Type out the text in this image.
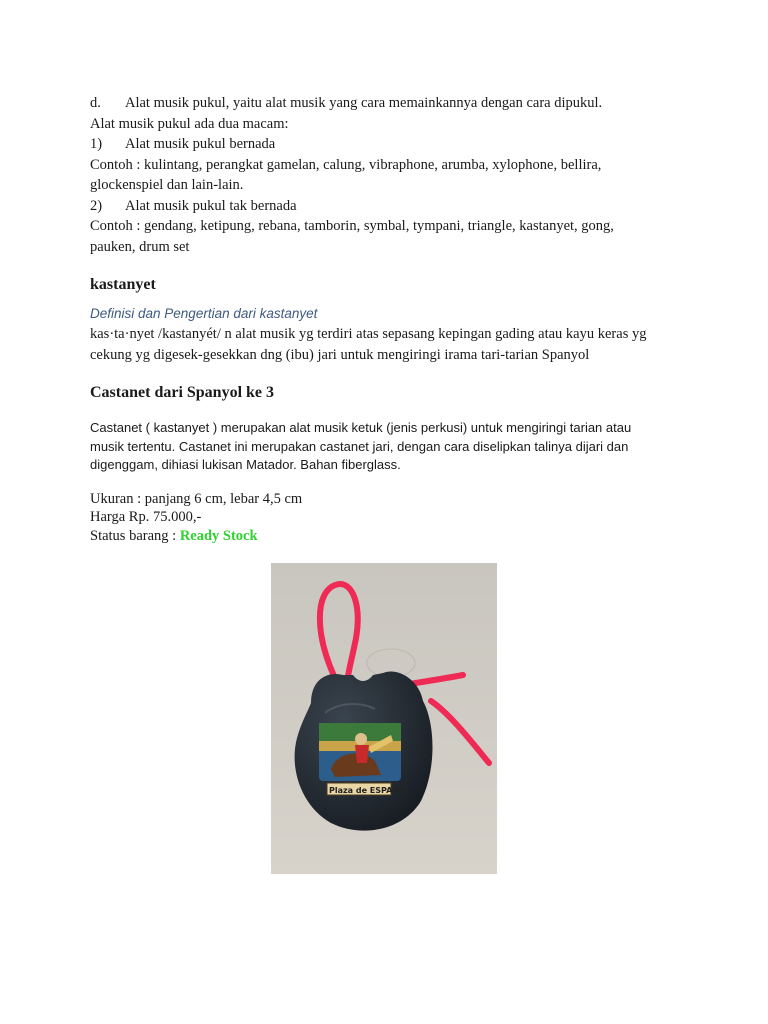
d. Alat musik pukul, yaitu alat musik yang cara memainkannya dengan cara dipukul.

Alat musik pukul ada dua macam:

1) Alat musik pukul bernada

Contoh : kulintang, perangkat gamelan, calung, vibraphone, arumba, xylophone, bellira,

glockenspiel dan lain-lain.

2) Alat musik pukul tak bernada

Contoh : gendang, ketipung, rebana, tamborin, symbal, tympani, triangle, kastanyet, gong,

pauken, drum set

kastanyet
Definisi dan Pengertian dari kastanyet

kas·ta·nyet /kastanyét/ n alat musik yg terdiri atas sepasang kepingan gading atau kayu keras yg

cekung yg digesek-gesekkan dng (ibu) jari untuk mengiringi irama tari-tarian Spanyol

Castanet dari Spanyol ke 3

Castanet ( kastanyet ) merupakan alat musik ketuk (jenis perkusi) untuk mengiringi tarian atau

musik tertentu. Castanet ini merupakan castanet jari, dengan cara diselipkan talinya dijari dan

digenggam, dihiasi lukisan Matador. Bahan fiberglass.

Ukuran : panjang 6 cm, lebar 4,5 cm

Harga Rp. 75.000,-

Status barang : Ready Stock

Plaza de ESPAÑA
